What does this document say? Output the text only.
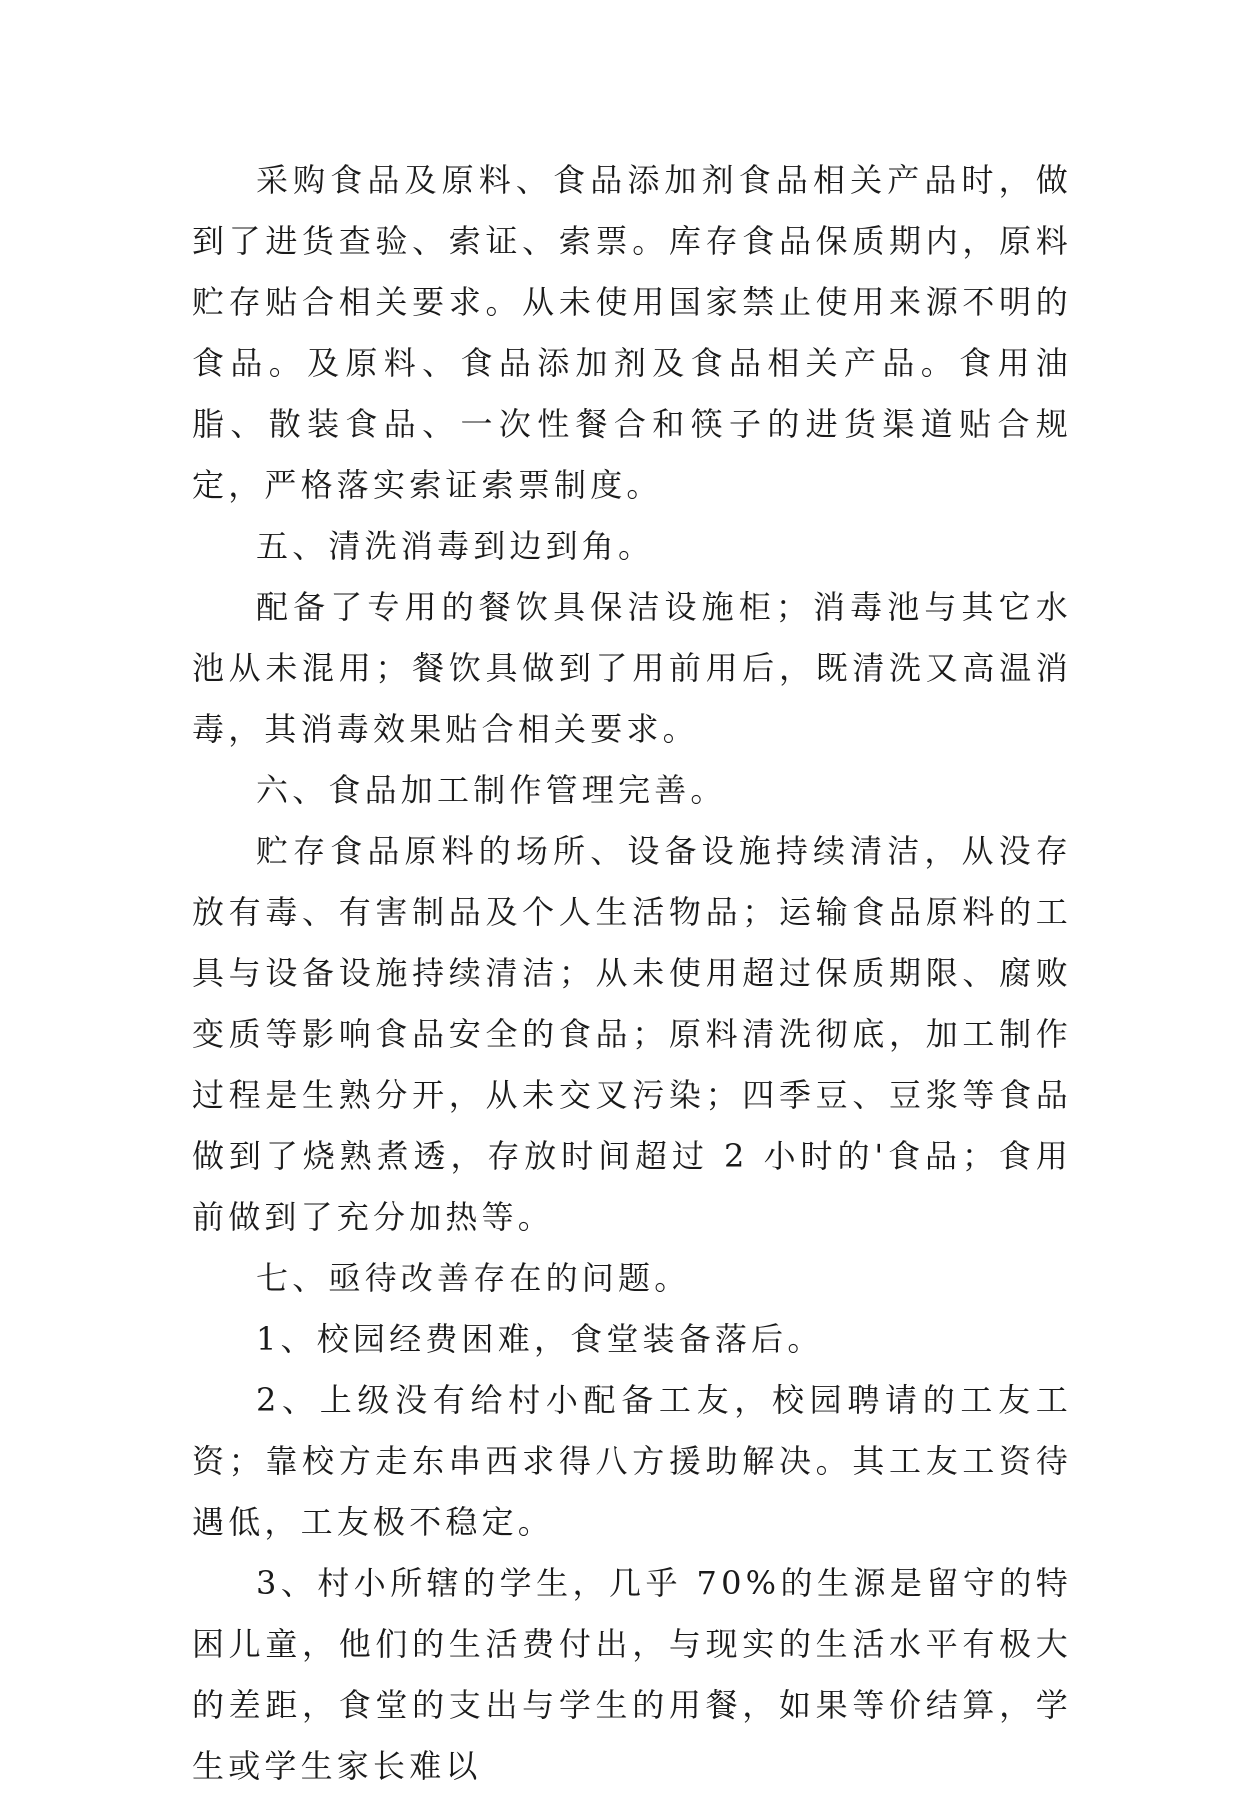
采购食品及原料、食品添加剂食品相关产品时，做到了进货查验、索证、索票。库存食品保质期内，原料贮存贴合相关要求。从未使用国家禁止使用来源不明的食品。及原料、食品添加剂及食品相关产品。食用油脂、散装食品、一次性餐合和筷子的进货渠道贴合规定，严格落实索证索票制度。

五、清洗消毒到边到角。

配备了专用的餐饮具保洁设施柜；消毒池与其它水池从未混用；餐饮具做到了用前用后，既清洗又高温消毒，其消毒效果贴合相关要求。

六、食品加工制作管理完善。

贮存食品原料的场所、设备设施持续清洁，从没存放有毒、有害制品及个人生活物品；运输食品原料的工具与设备设施持续清洁；从未使用超过保质期限、腐败变质等影响食品安全的食品；原料清洗彻底，加工制作过程是生熟分开，从未交叉污染；四季豆、豆浆等食品做到了烧熟煮透，存放时间超过 2 小时的'食品；食用前做到了充分加热等。

七、亟待改善存在的问题。

1、校园经费困难，食堂装备落后。

2、上级没有给村小配备工友，校园聘请的工友工资；靠校方走东串西求得八方援助解决。其工友工资待遇低，工友极不稳定。

3、村小所辖的学生，几乎 70%的生源是留守的特困儿童，他们的生活费付出，与现实的生活水平有极大的差距，食堂的支出与学生的用餐，如果等价结算，学生或学生家长难以
